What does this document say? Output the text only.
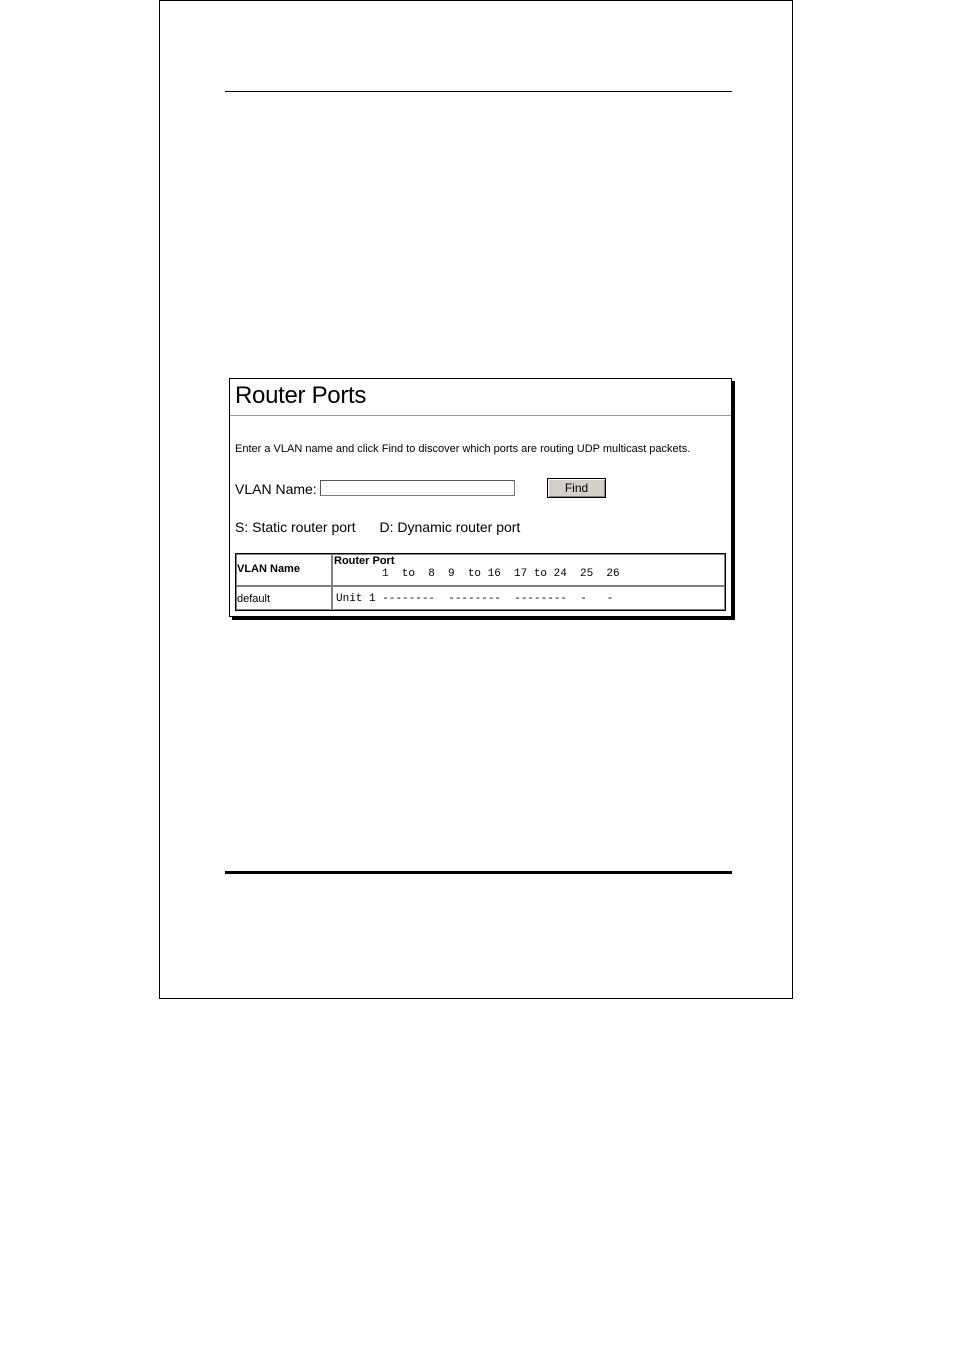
Router Ports
Enter a VLAN name and click Find to discover which ports are routing UDP multicast packets.
VLAN Name:	Find
S: Static router port D: Dynamic router port
VLAN Name	Router Port
1  to  8  9  to 16  17 to 24  25  26

default	Unit 1 --------  --------  --------  -   -
